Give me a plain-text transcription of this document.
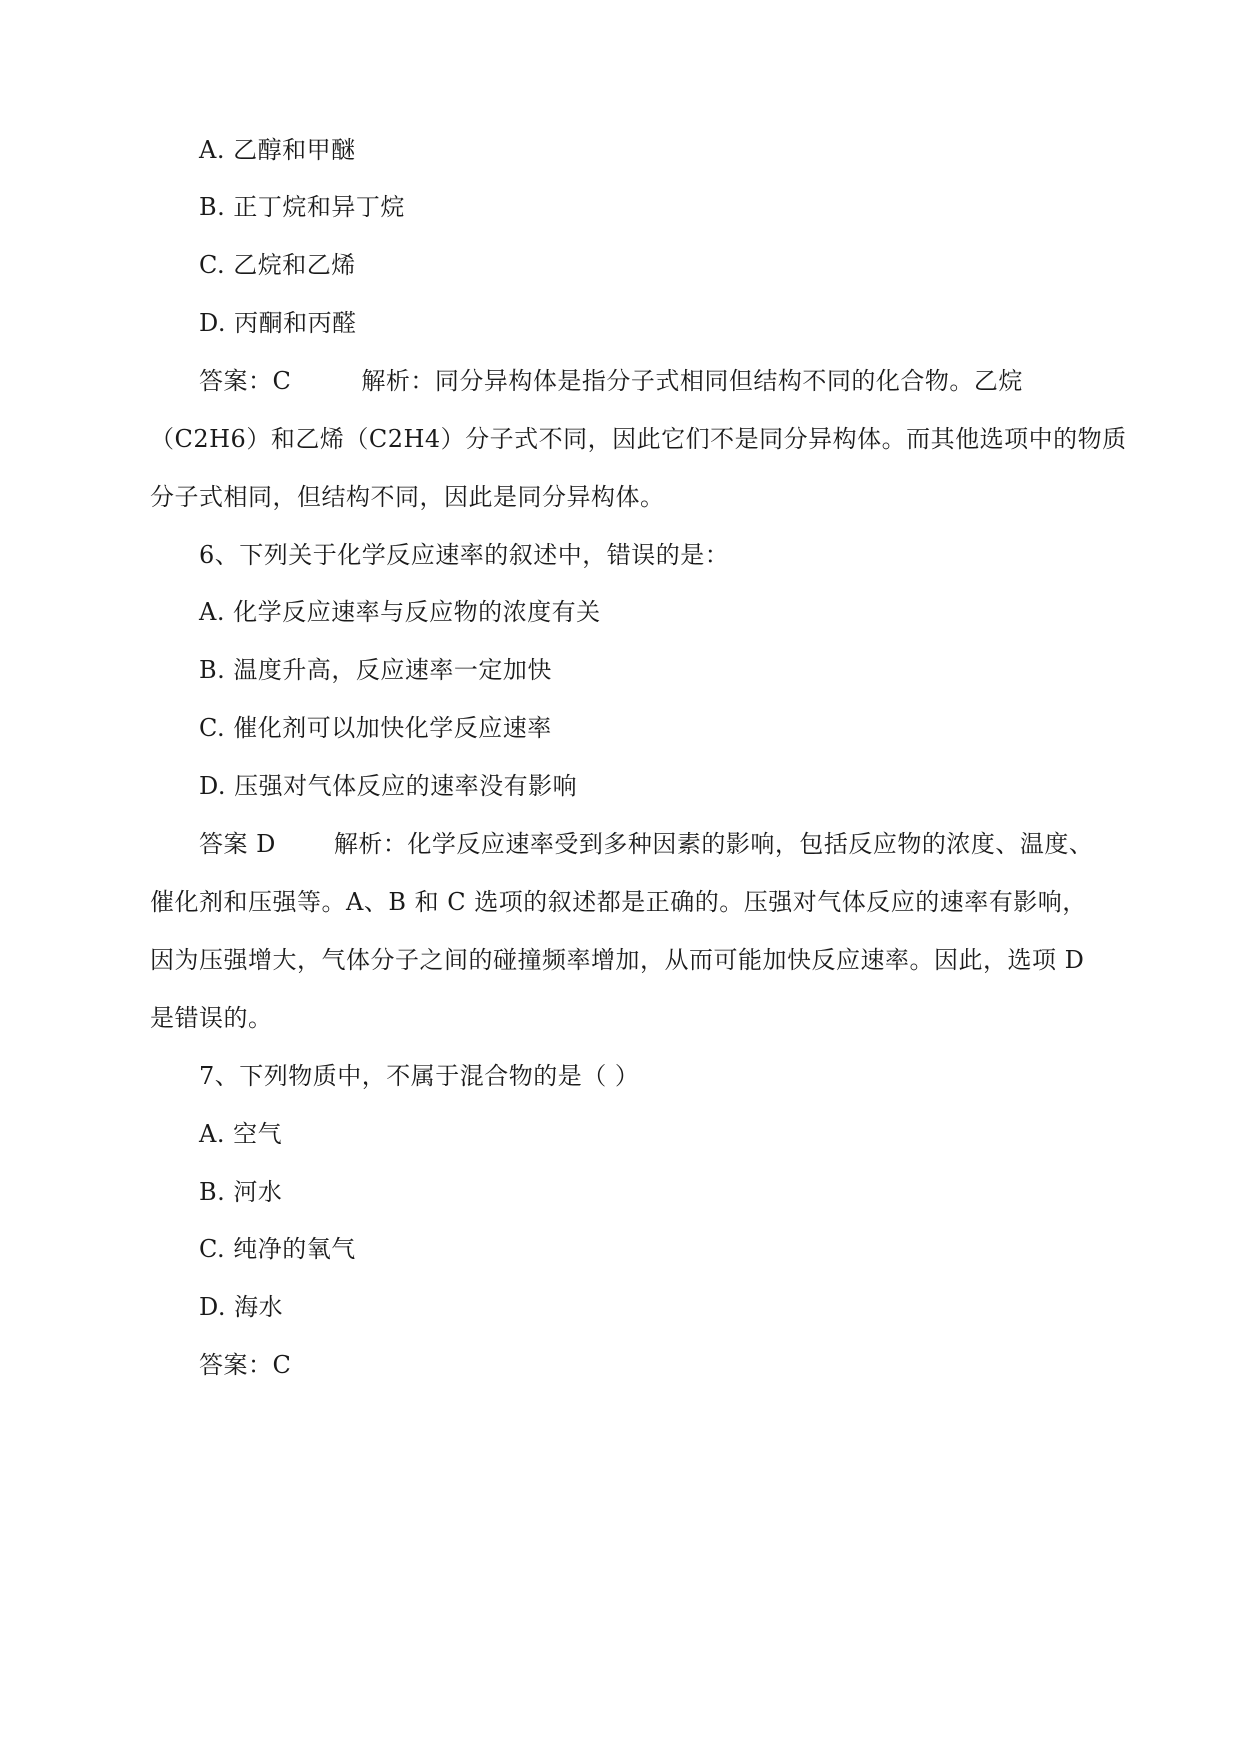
A. 乙醇和甲醚
B. 正丁烷和异丁烷
C. 乙烷和乙烯
D. 丙酮和丙醛
答案：C	解析：同分异构体是指分子式相同但结构不同的化合物。乙烷
（C2H6）和乙烯（C2H4）分子式不同，因此它们不是同分异构体。而其他选项中的物质
分子式相同，但结构不同，因此是同分异构体。
6、下列关于化学反应速率的叙述中，错误的是：
A. 化学反应速率与反应物的浓度有关
B. 温度升高，反应速率一定加快
C. 催化剂可以加快化学反应速率
D. 压强对气体反应的速率没有影响
答案 D 解析：化学反应速率受到多种因素的影响，包括反应物的浓度、温度、
催化剂和压强等。A、B 和 C 选项的叙述都是正确的。压强对气体反应的速率有影响，
因为压强增大，气体分子之间的碰撞频率增加，从而可能加快反应速率。因此，选项 D
是错误的。
7、下列物质中，不属于混合物的是（ ）
A. 空气
B. 河水
C. 纯净的氧气
D. 海水
答案：C
